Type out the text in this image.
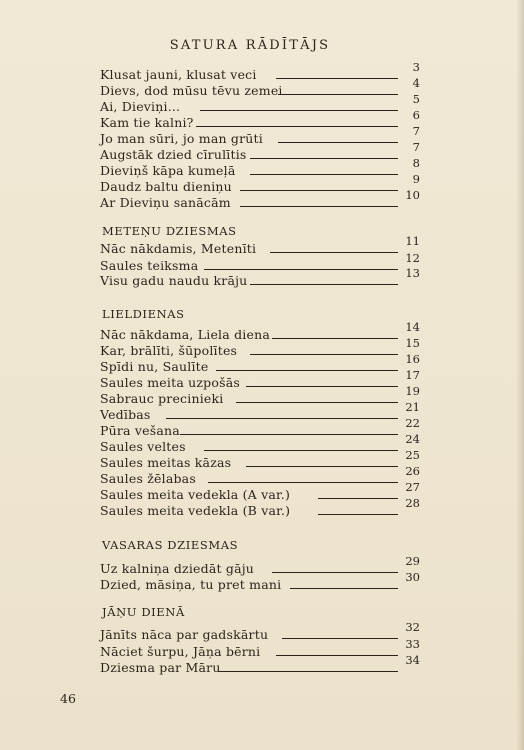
SATURA RĀDĪTĀJS
Klusat jauni, klusat veci	3
Dievs, dod mūsu tēvu zemei	4
Ai, Dieviņi...	5
Kam tie kalni?	6
Jo man sūri, jo man grūti	7
Augstāk dzied cīrulītis	7
Dieviņš kāpa kumeļā	8
Daudz baltu dieniņu	9
Ar Dieviņu sanācām	10
METEŅU DZIESMAS
Nāc nākdamis, Metenīti	11
Saules teiksma	12
Visu gadu naudu krāju	13
LIELDIENAS
Nāc nākdama, Liela diena	14
Kar, brālīti, šūpolītes	15
Spīdi nu, Saulīte	16
Saules meita uzpošās	17
Sabrauc precinieki	19
Vedības	21
Pūra vešana	22
Saules veltes	24
Saules meitas kāzas	25
Saules žēlabas	26
Saules meita vedekla (A var.)	27
Saules meita vedekla (B var.)	28
VASARAS DZIESMAS
Uz kalniņa dziedāt gāju	29
Dzied, māsiņa, tu pret mani	30
JĀŅU DIENĀ
Jānīts nāca par gadskārtu	32
Nāciet šurpu, Jāņa bērni	33
Dziesma par Māru	34
46
